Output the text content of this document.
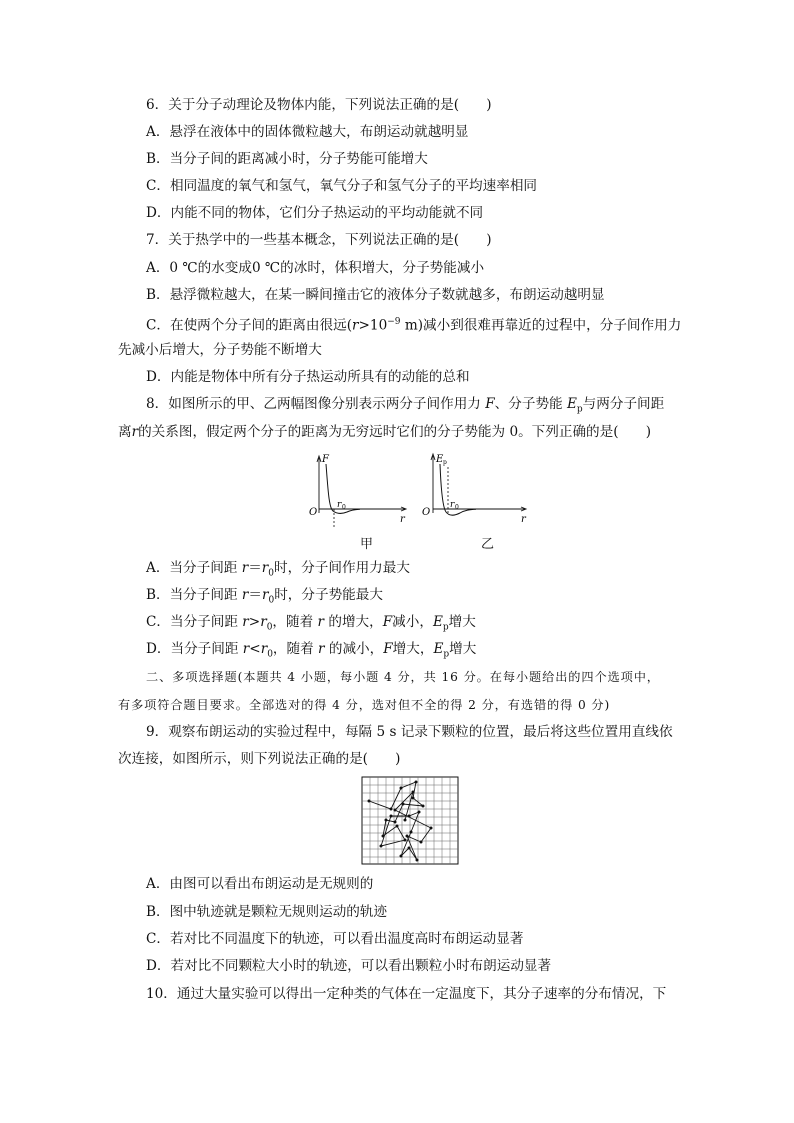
6．关于分子动理论及物体内能，下列说法正确的是(　　)
A．悬浮在液体中的固体微粒越大，布朗运动就越明显
B．当分子间的距离减小时，分子势能可能增大
C．相同温度的氧气和氢气，氧气分子和氢气分子的平均速率相同
D．内能不同的物体，它们分子热运动的平均动能就不同
7．关于热学中的一些基本概念，下列说法正确的是(　　)
A．0 ℃的水变成0 ℃的冰时，体积增大，分子势能减小
B．悬浮微粒越大，在某一瞬间撞击它的液体分子数就越多，布朗运动越明显
C．在使两个分子间的距离由很远($r>10^{-9}$ m)减小到很难再靠近的过程中，分子间作用力
先减小后增大，分子势能不断增大
D．内能是物体中所有分子热运动所具有的动能的总和
8．如图所示的甲、乙两幅图像分别表示两分子间作用力 F、分子势能 $E_p$与两分子间距
离r的关系图，假定两个分子的距离为无穷远时它们的分子势能为 0。下列正确的是(　　)
F
r
O
r 0
甲
E p
r
O
r 0
乙
A．当分子间距 $r=r_0$时，分子间作用力最大
B．当分子间距 $r=r_0$时，分子势能最大
C．当分子间距 $r>r_0$，随着 r 的增大，F减小，$E_p$增大
D．当分子间距 $r<r_0$，随着 r 的减小，F增大，$E_p$增大
二、多项选择题(本题共 4 小题，每小题 4 分，共 16 分。在每小题给出的四个选项中，
有多项符合题目要求。全部选对的得 4 分，选对但不全的得 2 分，有选错的得 0 分)
9．观察布朗运动的实验过程中，每隔 5 s 记录下颗粒的位置，最后将这些位置用直线依
次连接，如图所示，则下列说法正确的是(　　)
A．由图可以看出布朗运动是无规则的
B．图中轨迹就是颗粒无规则运动的轨迹
C．若对比不同温度下的轨迹，可以看出温度高时布朗运动显著
D．若对比不同颗粒大小时的轨迹，可以看出颗粒小时布朗运动显著
10．通过大量实验可以得出一定种类的气体在一定温度下，其分子速率的分布情况，下
